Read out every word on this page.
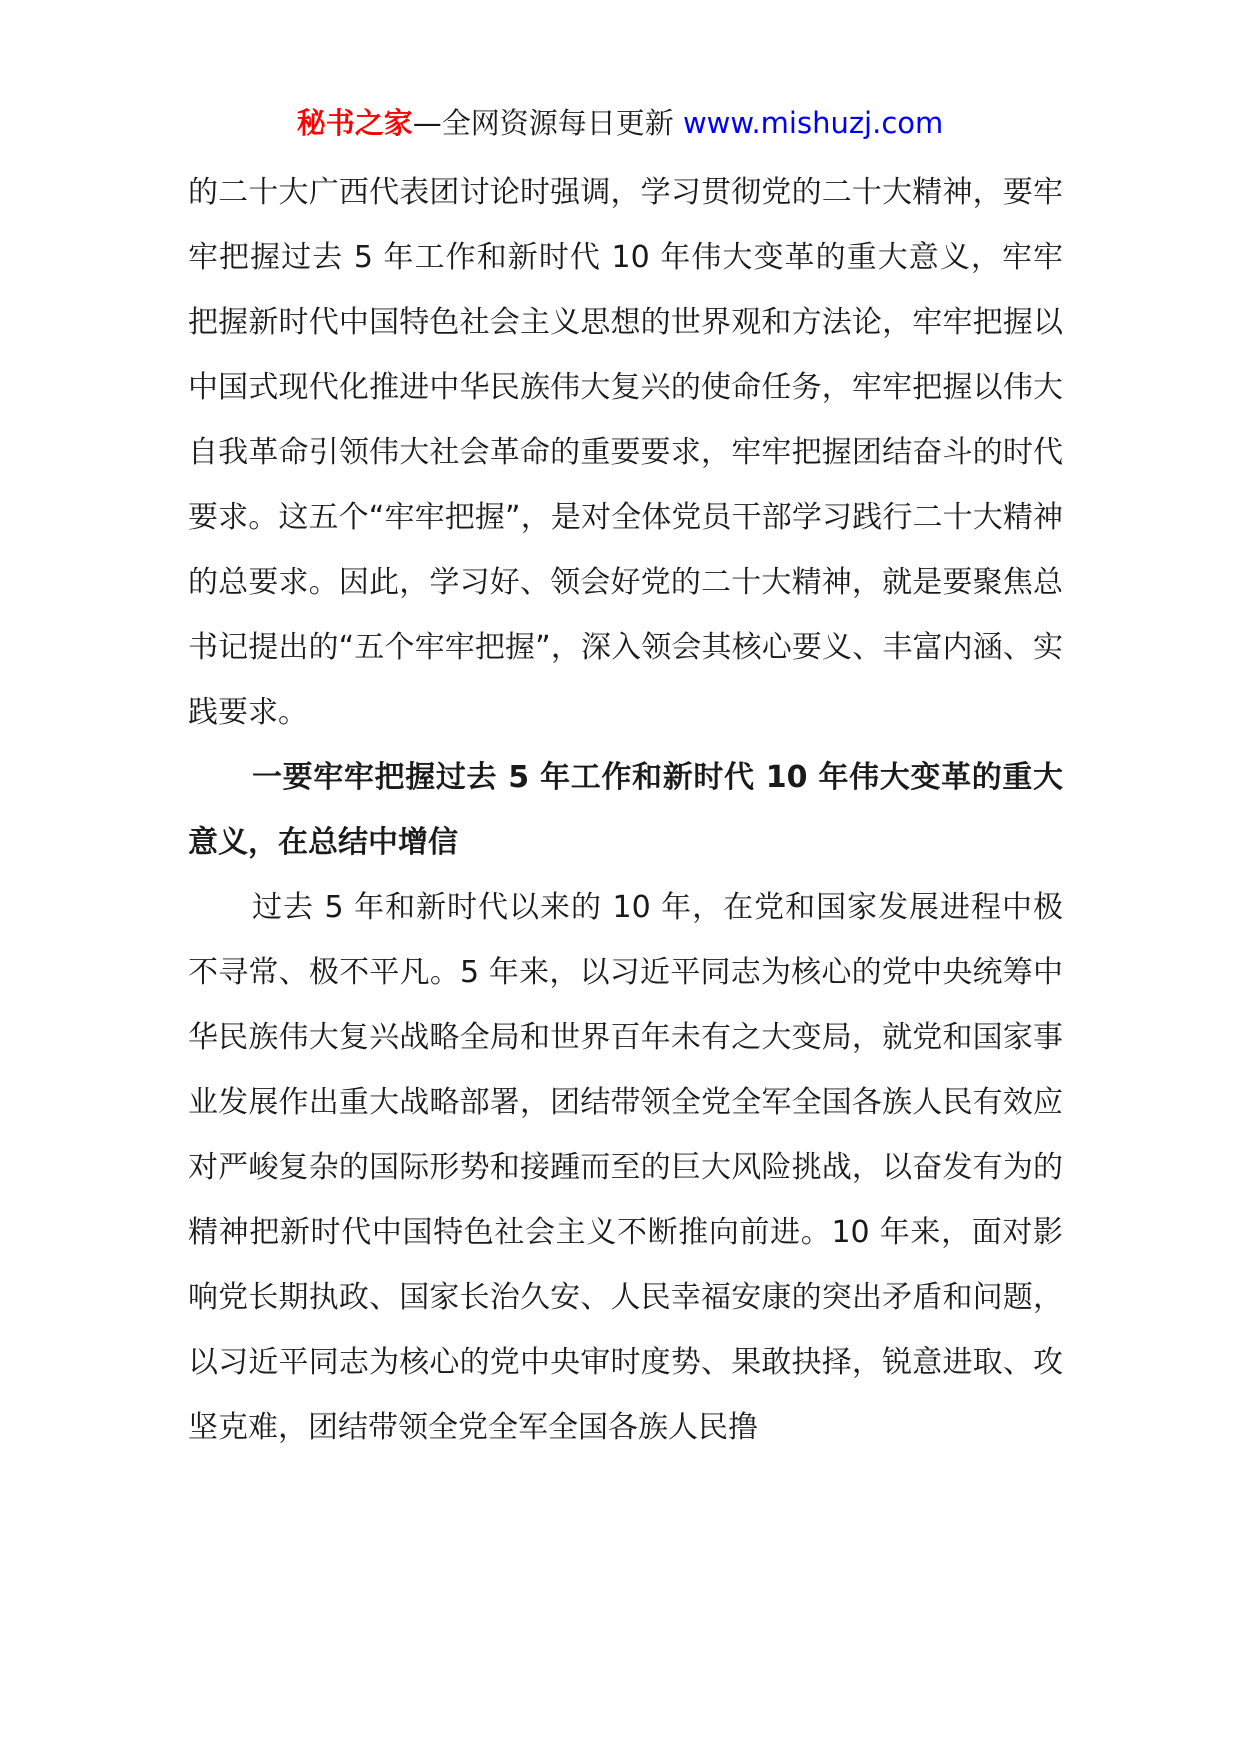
秘书之家—全网资源每日更新 www.mishuzj.com

的二十大广西代表团讨论时强调，学习贯彻党的二十大精神，要牢牢把握过去 5 年工作和新时代 10 年伟大变革的重大意义，牢牢把握新时代中国特色社会主义思想的世界观和方法论，牢牢把握以中国式现代化推进中华民族伟大复兴的使命任务，牢牢把握以伟大自我革命引领伟大社会革命的重要要求，牢牢把握团结奋斗的时代要求。这五个“牢牢把握”，是对全体党员干部学习践行二十大精神的总要求。因此，学习好、领会好党的二十大精神，就是要聚焦总书记提出的“五个牢牢把握”，深入领会其核心要义、丰富内涵、实践要求。

一要牢牢把握过去 5 年工作和新时代 10 年伟大变革的重大意义，在总结中增信

过去 5 年和新时代以来的 10 年，在党和国家发展进程中极不寻常、极不平凡。5 年来，以习近平同志为核心的党中央统筹中华民族伟大复兴战略全局和世界百年未有之大变局，就党和国家事业发展作出重大战略部署，团结带领全党全军全国各族人民有效应对严峻复杂的国际形势和接踵而至的巨大风险挑战，以奋发有为的精神把新时代中国特色社会主义不断推向前进。10 年来，面对影响党长期执政、国家长治久安、人民幸福安康的突出矛盾和问题，以习近平同志为核心的党中央审时度势、果敢抉择，锐意进取、攻坚克难，团结带领全党全军全国各族人民撸
